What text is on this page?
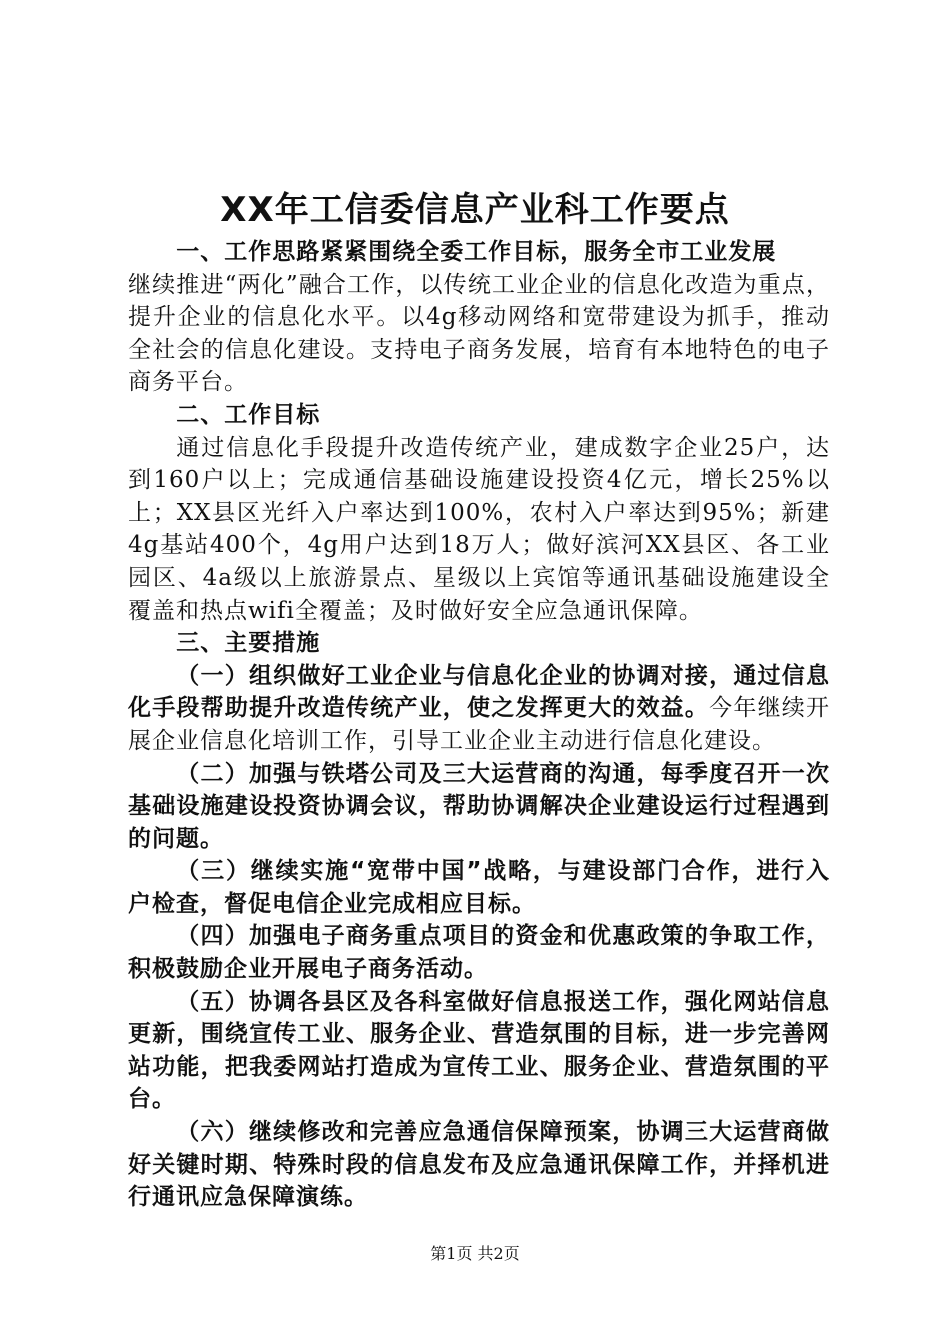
XX年工信委信息产业科工作要点

一、工作思路紧紧围绕全委工作目标，服务全市工业发展

继续推进“两化”融合工作，以传统工业企业的信息化改造为重点，提升企业的信息化水平。以4g移动网络和宽带建设为抓手，推动全社会的信息化建设。支持电子商务发展，培育有本地特色的电子商务平台。

二、工作目标

通过信息化手段提升改造传统产业，建成数字企业25户，达到160户以上；完成通信基础设施建设投资4亿元，增长25%以上；XX县区光纤入户率达到100%，农村入户率达到95%；新建4g基站400个，4g用户达到18万人；做好滨河XX县区、各工业园区、4a级以上旅游景点、星级以上宾馆等通讯基础设施建设全覆盖和热点wifi全覆盖；及时做好安全应急通讯保障。

三、主要措施

（一）组织做好工业企业与信息化企业的协调对接，通过信息化手段帮助提升改造传统产业，使之发挥更大的效益。今年继续开展企业信息化培训工作，引导工业企业主动进行信息化建设。

（二）加强与铁塔公司及三大运营商的沟通，每季度召开一次基础设施建设投资协调会议，帮助协调解决企业建设运行过程遇到的问题。

（三）继续实施“宽带中国”战略，与建设部门合作，进行入户检查，督促电信企业完成相应目标。

（四）加强电子商务重点项目的资金和优惠政策的争取工作，积极鼓励企业开展电子商务活动。

（五）协调各县区及各科室做好信息报送工作，强化网站信息更新，围绕宣传工业、服务企业、营造氛围的目标，进一步完善网站功能，把我委网站打造成为宣传工业、服务企业、营造氛围的平台。

（六）继续修改和完善应急通信保障预案，协调三大运营商做好关键时期、特殊时段的信息发布及应急通讯保障工作，并择机进行通讯应急保障演练。

第1页 共2页
